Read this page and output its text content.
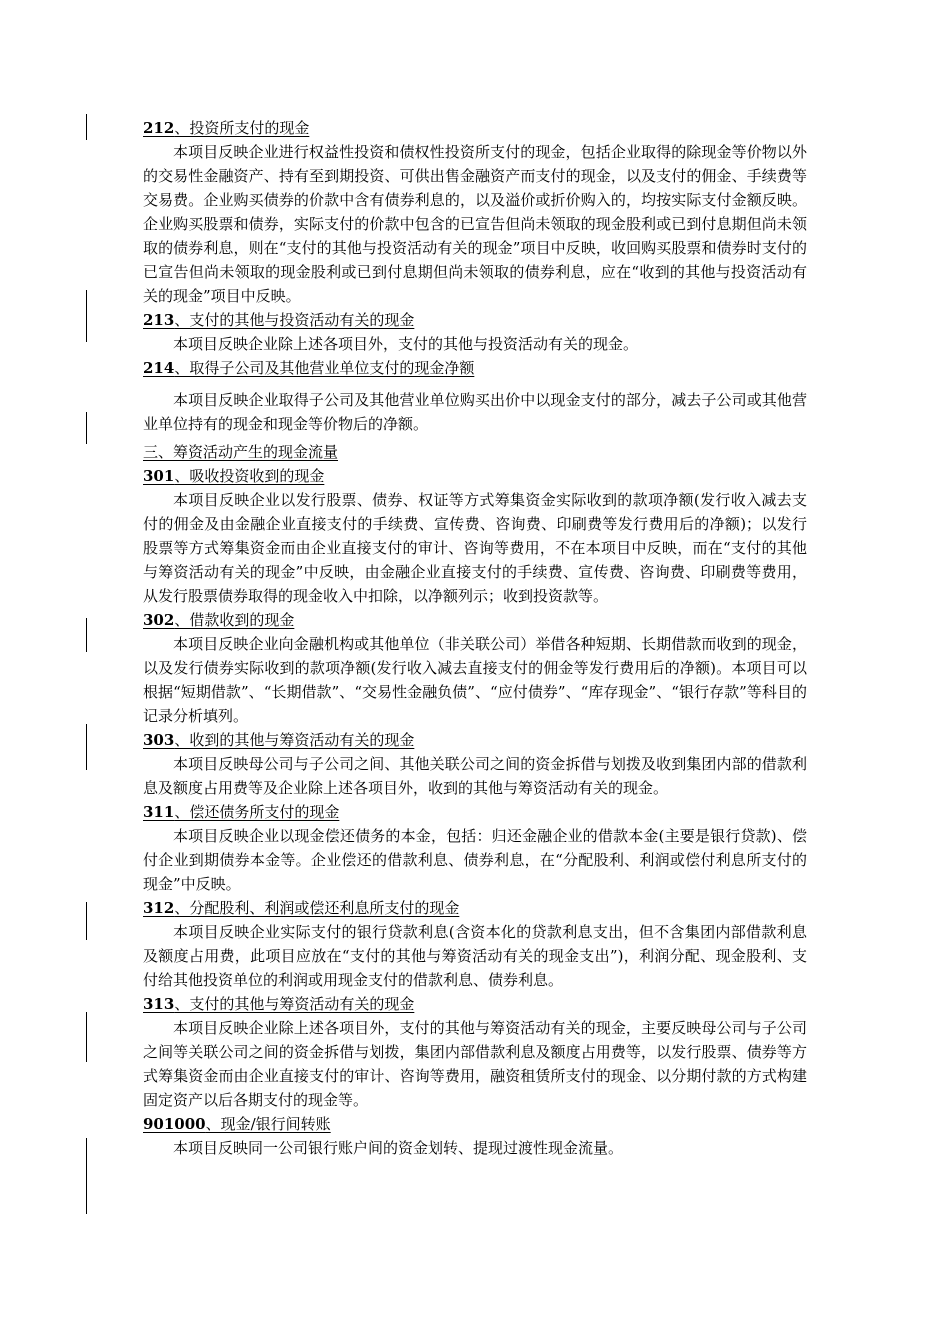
212、投资所支付的现金

本项目反映企业进行权益性投资和债权性投资所支付的现金，包括企业取得的除现金等价物以外的交易性金融资产、持有至到期投资、可供出售金融资产而支付的现金，以及支付的佣金、手续费等交易费。企业购买债券的价款中含有债券利息的，以及溢价或折价购入的，均按实际支付金额反映。企业购买股票和债券，实际支付的价款中包含的已宣告但尚未领取的现金股利或已到付息期但尚未领取的债券利息，则在“支付的其他与投资活动有关的现金”项目中反映，收回购买股票和债券时支付的已宣告但尚未领取的现金股利或已到付息期但尚未领取的债券利息，应在“收到的其他与投资活动有关的现金”项目中反映。

213、支付的其他与投资活动有关的现金

本项目反映企业除上述各项目外，支付的其他与投资活动有关的现金。

214、取得子公司及其他营业单位支付的现金净额

本项目反映企业取得子公司及其他营业单位购买出价中以现金支付的部分，减去子公司或其他营业单位持有的现金和现金等价物后的净额。

三、筹资活动产生的现金流量
301、吸收投资收到的现金

本项目反映企业以发行股票、债券、权证等方式筹集资金实际收到的款项净额(发行收入减去支付的佣金及由金融企业直接支付的手续费、宣传费、咨询费、印刷费等发行费用后的净额)；以发行股票等方式筹集资金而由企业直接支付的审计、咨询等费用，不在本项目中反映，而在“支付的其他与筹资活动有关的现金”中反映，由金融企业直接支付的手续费、宣传费、咨询费、印刷费等费用，从发行股票债券取得的现金收入中扣除，以净额列示；收到投资款等。

302、借款收到的现金

本项目反映企业向金融机构或其他单位（非关联公司）举借各种短期、长期借款而收到的现金，以及发行债券实际收到的款项净额(发行收入减去直接支付的佣金等发行费用后的净额)。本项目可以根据“短期借款”、“长期借款”、“交易性金融负债”、“应付债券”、“库存现金”、“银行存款”等科目的记录分析填列。

303、收到的其他与筹资活动有关的现金

本项目反映母公司与子公司之间、其他关联公司之间的资金拆借与划拨及收到集团内部的借款利息及额度占用费等及企业除上述各项目外，收到的其他与筹资活动有关的现金。

311、偿还债务所支付的现金

本项目反映企业以现金偿还债务的本金，包括：归还金融企业的借款本金(主要是银行贷款)、偿付企业到期债券本金等。企业偿还的借款利息、债券利息，在“分配股利、利润或偿付利息所支付的现金”中反映。

312、分配股利、利润或偿还利息所支付的现金

本项目反映企业实际支付的银行贷款利息(含资本化的贷款利息支出，但不含集团内部借款利息及额度占用费，此项目应放在“支付的其他与筹资活动有关的现金支出”)，利润分配、现金股利、支付给其他投资单位的利润或用现金支付的借款利息、债券利息。

313、支付的其他与筹资活动有关的现金

本项目反映企业除上述各项目外，支付的其他与筹资活动有关的现金，主要反映母公司与子公司之间等关联公司之间的资金拆借与划拨，集团内部借款利息及额度占用费等，以发行股票、债券等方式筹集资金而由企业直接支付的审计、咨询等费用，融资租赁所支付的现金、以分期付款的方式构建固定资产以后各期支付的现金等。

901000、现金/银行间转账

本项目反映同一公司银行账户间的资金划转、提现过渡性现金流量。
